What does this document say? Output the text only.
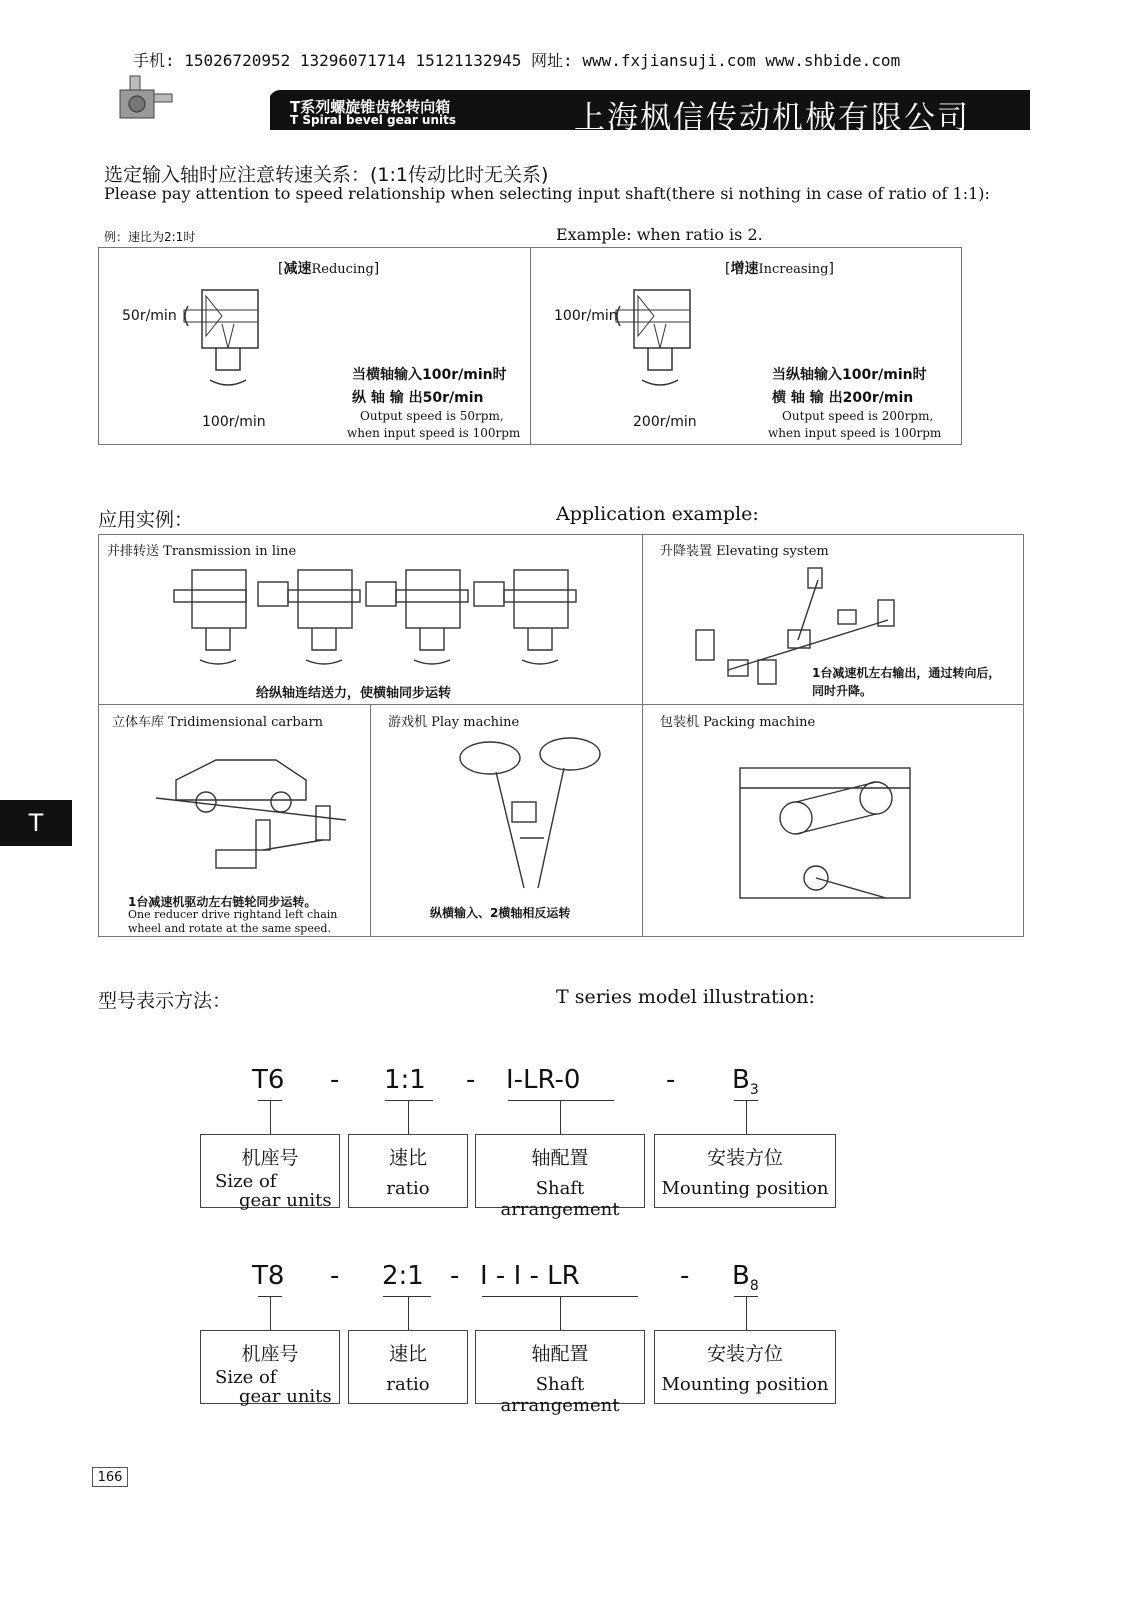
手机: 15026720952 13296071714 15121132945 网址: www.fxjiansuji.com www.shbide.com
T系列螺旋锥齿轮转向箱
T Spiral bevel gear units	上海枫信传动机械有限公司
选定输入轴时应注意转速关系：(1:1传动比时无关系)
Please pay attention to speed relationship when selecting input shaft(there si nothing in case of ratio of 1:1):
例：速比为2:1时	Example: when ratio is 2.
[减速Reducing]
50r/min
100r/min
当横轴输入100r/min时
纵 轴 输 出50r/min
Output speed is 50rpm,
when input speed is 100rpm
[增速Increasing]
100r/min
200r/min
当纵轴输入100r/min时
横 轴 输 出200r/min
Output speed is 200rpm,
when input speed is 100rpm
应用实例：	Application example:
并排转送 Transmission in line
给纵轴连结送力，使横轴同步运转
升降装置 Elevating system
1台减速机左右输出，通过转向后，
同时升降。
立体车库 Tridimensional carbarn
1台减速机驱动左右链轮同步运转。
One reducer drive rightand left chain
wheel and rotate at the same speed.
游戏机 Play machine
纵横输入、2横轴相反运转
包装机 Packing machine
型号表示方法：	T series model illustration:
T6 - 1:1 - I-LR-0	- $B_3$
机座号
Size of
gear units
速比
ratio
轴配置
Shaft arrangement
安装方位
Mounting position
T8 - 2:1 - I - I - LR	- $B_8$
机座号
Size of
gear units
速比
ratio
轴配置
Shaft arrangement
安装方位
Mounting position
T
166
